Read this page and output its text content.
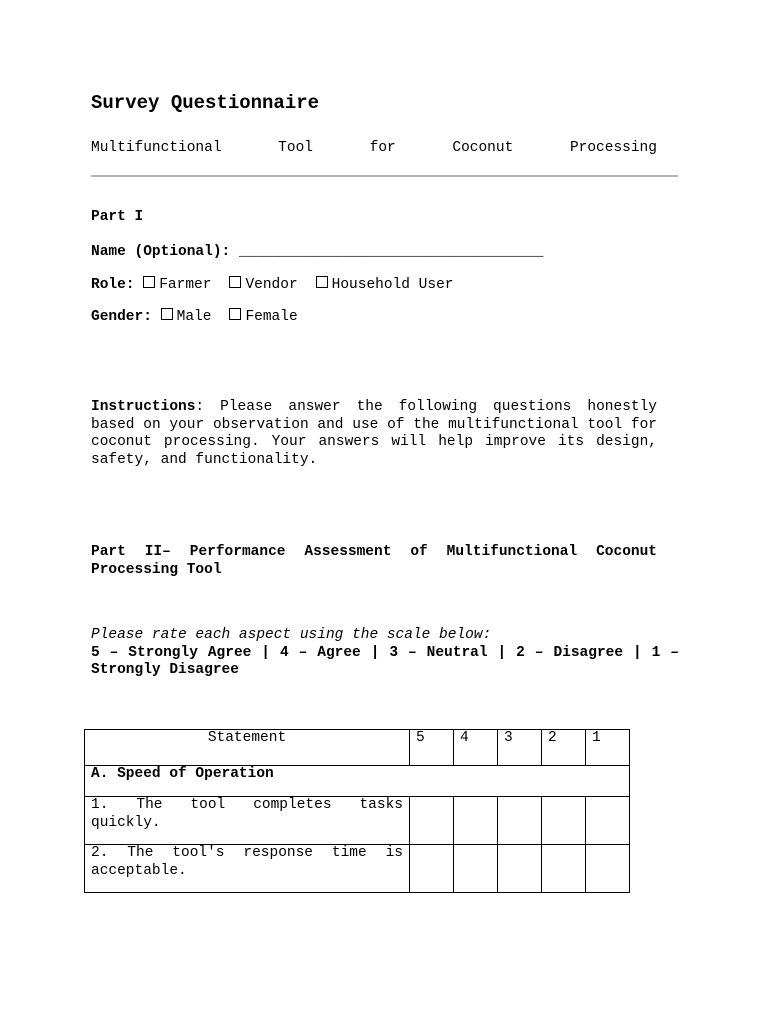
Survey Questionnaire
Multifunctional	Tool	for	Coconut	Processing
Part I
Name (Optional): ___________________________________
Role: Farmer Vendor Household User
Gender: Male Female
Instructions: Please answer the following questions honestly based on your observation and use of the multifunctional tool for coconut processing. Your answers will help improve its design, safety, and functionality.
Part II– Performance Assessment of Multifunctional Coconut Processing Tool
Please rate each aspect using the scale below:
5 – Strongly Agree | 4 – Agree | 3 – Neutral | 2 – Disagree | 1 – Strongly Disagree
Statement	5	4	3	2	1
A. Speed of Operation					
1. The tool completes tasks quickly.					
2. The tool's response time is acceptable.					
